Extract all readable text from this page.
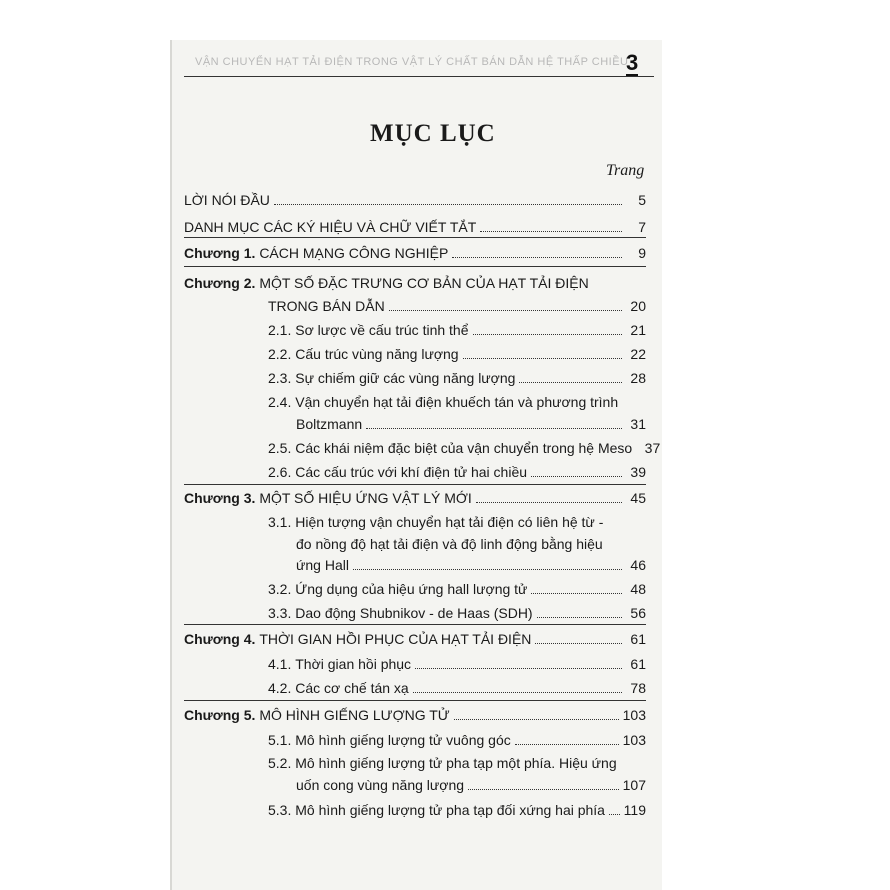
VẬN CHUYỂN HẠT TẢI ĐIỆN TRONG VẬT LÝ CHẤT BÁN DẪN HỆ THẤP CHIỀU
3
MỤC LỤC
Trang
LỜI NÓI ĐẦU	5
DANH MỤC CÁC KÝ HIỆU VÀ CHỮ VIẾT TẮT	7
Chương 1.
CÁCH MẠNG CÔNG NGHIỆP	9
Chương 2. MỘT SỐ ĐẶC TRƯNG CƠ BẢN CỦA HẠT TẢI ĐIỆN
TRONG BÁN DẪN	20
2.1.
Sơ lược về cấu trúc tinh thể	21
2.2.
Cấu trúc vùng năng lượng	22
2.3.
Sự chiếm giữ các vùng năng lượng	28
2.4. Vận chuyển hạt tải điện khuếch tán và phương trình
Boltzmann	31
2.5.
Các khái niệm đặc biệt của vận chuyển trong hệ Meso 37
2.6.
Các cấu trúc với khí điện tử hai chiều	39
Chương 3.
MỘT SỐ HIỆU ỨNG VẬT LÝ MỚI	45
3.1. Hiện tượng vận chuyển hạt tải điện có liên hệ từ -
đo nồng độ hạt tải điện và độ linh động bằng hiệu
ứng Hall	46
3.2.
Ứng dụng của hiệu ứng hall lượng tử	48
3.3.
Dao động Shubnikov - de Haas (SDH)	56
Chương 4.
THỜI GIAN HỒI PHỤC CỦA HẠT TẢI ĐIỆN	61
4.1.
Thời gian hồi phục	61
4.2.
Các cơ chế tán xạ	78
Chương 5.
MÔ HÌNH GIẾNG LƯỢNG TỬ	103
5.1.
Mô hình giếng lượng tử vuông góc	103
5.2. Mô hình giếng lượng tử pha tạp một phía. Hiệu ứng
uốn cong vùng năng lượng	107
5.3.
Mô hình giếng lượng tử pha tạp đối xứng hai phía 119
